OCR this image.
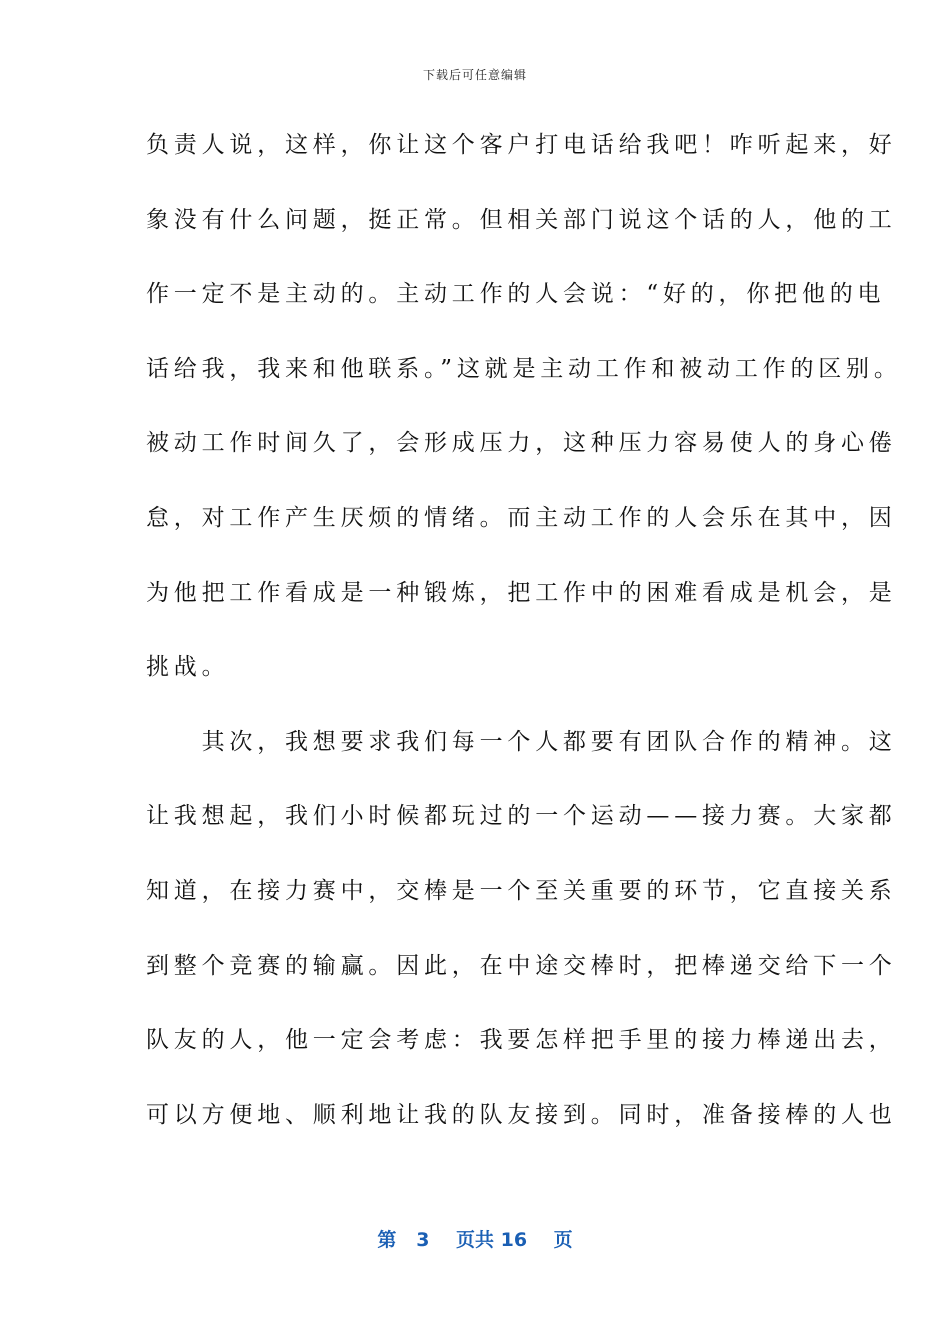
下载后可任意编辑
负责人说，这样，你让这个客户打电话给我吧！咋听起来，好
象没有什么问题，挺正常。但相关部门说这个话的人，他的工
作一定不是主动的。主动工作的人会说：“好的，你把他的电
话给我，我来和他联系。”这就是主动工作和被动工作的区别。
被动工作时间久了，会形成压力，这种压力容易使人的身心倦
怠，对工作产生厌烦的情绪。而主动工作的人会乐在其中，因
为他把工作看成是一种锻炼，把工作中的困难看成是机会，是
挑战。
　　其次，我想要求我们每一个人都要有团队合作的精神。这
让我想起，我们小时候都玩过的一个运动——接力赛。大家都
知道，在接力赛中，交棒是一个至关重要的环节，它直接关系
到整个竞赛的输赢。因此，在中途交棒时，把棒递交给下一个
队友的人，他一定会考虑：我要怎样把手里的接力棒递出去，
可以方便地、顺利地让我的队友接到。同时，准备接棒的人也
第 3 页共 16 页
